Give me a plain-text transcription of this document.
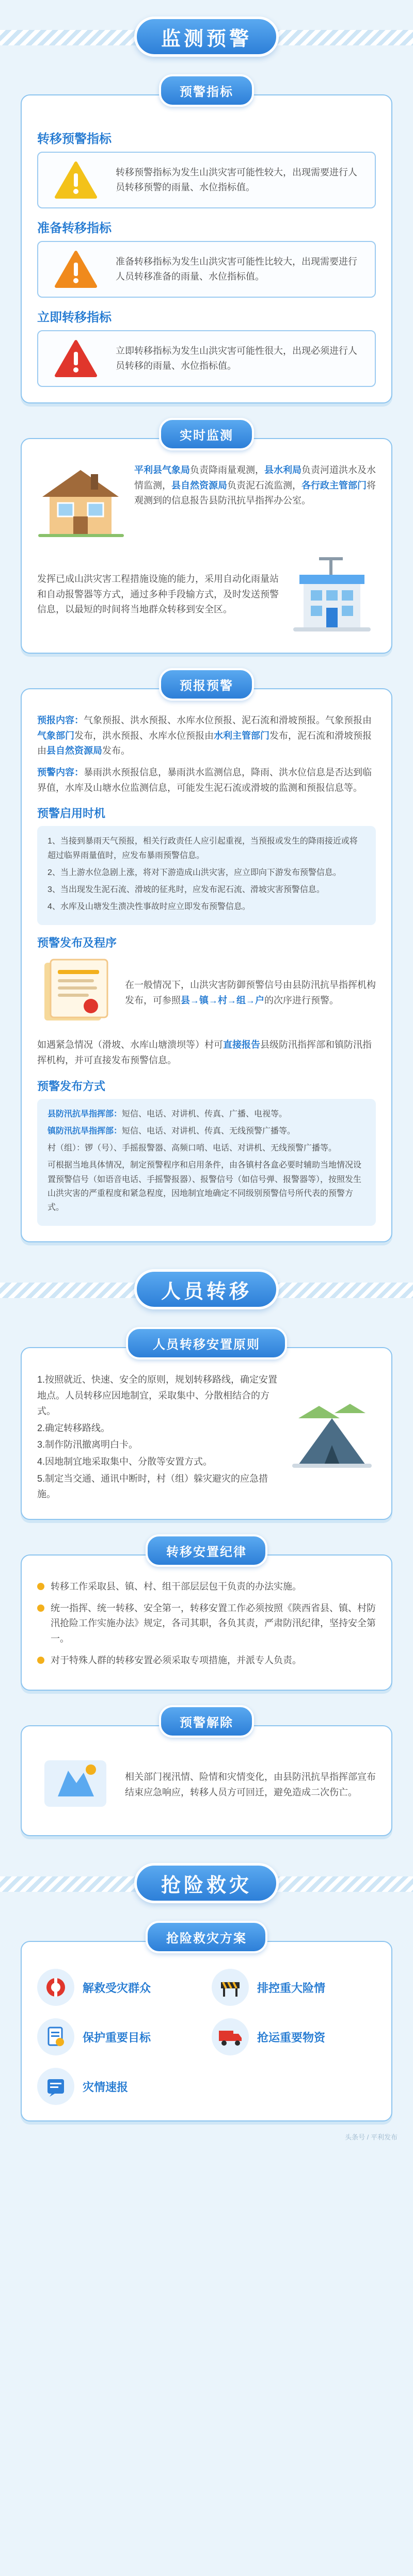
监测预警
预警指标
转移预警指标
转移预警指标为发生山洪灾害可能性较大，出现需要进行人员转移预警的雨量、水位指标值。
准备转移指标
准备转移指标为发生山洪灾害可能性比较大，出现需要进行人员转移准备的雨量、水位指标值。
立即转移指标
立即转移指标为发生山洪灾害可能性很大，出现必须进行人员转移的雨量、水位指标值。
实时监测
平利县气象局负责降雨量观测，县水利局负责河道洪水及水情监测，县自然资源局负责泥石流监测，各行政主管部门将观测到的信息报告县防汛抗旱指挥办公室。
发挥已成山洪灾害工程措施设施的能力，采用自动化雨量站和自动报警器等方式，通过多种手段输方式，及时发送预警信息，以最短的时间将当地群众转移到安全区。
预报预警

预报内容：气象预报、洪水预报、水库水位预报、泥石流和滑坡预报。气象预报由气象部门发布，洪水预报、水库水位预报由水利主管部门发布，泥石流和滑坡预报由县自然资源局发布。

预警内容：暴雨洪水预报信息，暴雨洪水监测信息，降雨、洪水位信息是否达到临界值，水库及山塘水位监测信息，可能发生泥石流或滑坡的监测和预报信息等。

预警启用时机

1、当接到暴雨天气预报，相关行政责任人应引起重视，当预报或发生的降雨接近或将超过临界雨量值时，应发布暴雨预警信息。

2、当上游水位急剧上涨，将对下游造成山洪灾害，应立即向下游发布预警信息。

3、当出现发生泥石流、滑坡的征兆时，应发布泥石流、滑坡灾害预警信息。

4、水库及山塘发生溃决性事故时应立即发布预警信息。

预警发布及程序
在一般情况下，山洪灾害防御预警信号由县防汛抗旱指挥机构发布，可参照县→镇→村→组→户的次序进行预警。

如遇紧急情况（滑坡、水库山塘溃坝等）村可直接报告县级防汛指挥部和镇防汛指挥机构，并可直接发布预警信息。

预警发布方式

县防汛抗旱指挥部：短信、电话、对讲机、传真、广播、电视等。

镇防汛抗旱指挥部：短信、电话、对讲机、传真、无线预警广播等。

村（组）：锣（号）、手摇报警器、高频口哨、电话、对讲机、无线预警广播等。

可根据当地具体情况，制定预警程序和启用条件，由各镇村各盒必要时辅助当地情况设置预警信号（如语音电话、手摇警报器）、报警信号（如信号弹、报警器等），按照发生山洪灾害的严重程度和紧急程度，因地制宜地确定不同级别预警信号所代表的预警方式。

人员转移
人员转移安置原则

1.按照就近、快速、安全的原则，规划转移路线，确定安置地点。人员转移应因地制宜，采取集中、分散相结合的方式。

2.确定转移路线。

3.制作防汛撤离明白卡。

4.因地制宜地采取集中、分散等安置方式。

5.制定当交通、通讯中断时，村（组）躲灾避灾的应急措施。

转移安置纪律
转移工作采取县、镇、村、组干部层层包干负责的办法实施。
统一指挥、统一转移、安全第一，转移安置工作必须按照《陕西省县、镇、村防汛抢险工作实施办法》规定，各司其职，各负其责，严肃防汛纪律，坚持安全第一。
对于特殊人群的转移安置必须采取专项措施，并派专人负责。
预警解除
相关部门视汛情、险情和灾情变化，由县防汛抗旱指挥部宣布结束应急响应，转移人员方可回迁，避免造成二次伤亡。
抢险救灾
抢险救灾方案
解救受灾群众	排控重大险情
保护重要目标	抢运重要物资
灾情速报
头条号 / 平利发布
